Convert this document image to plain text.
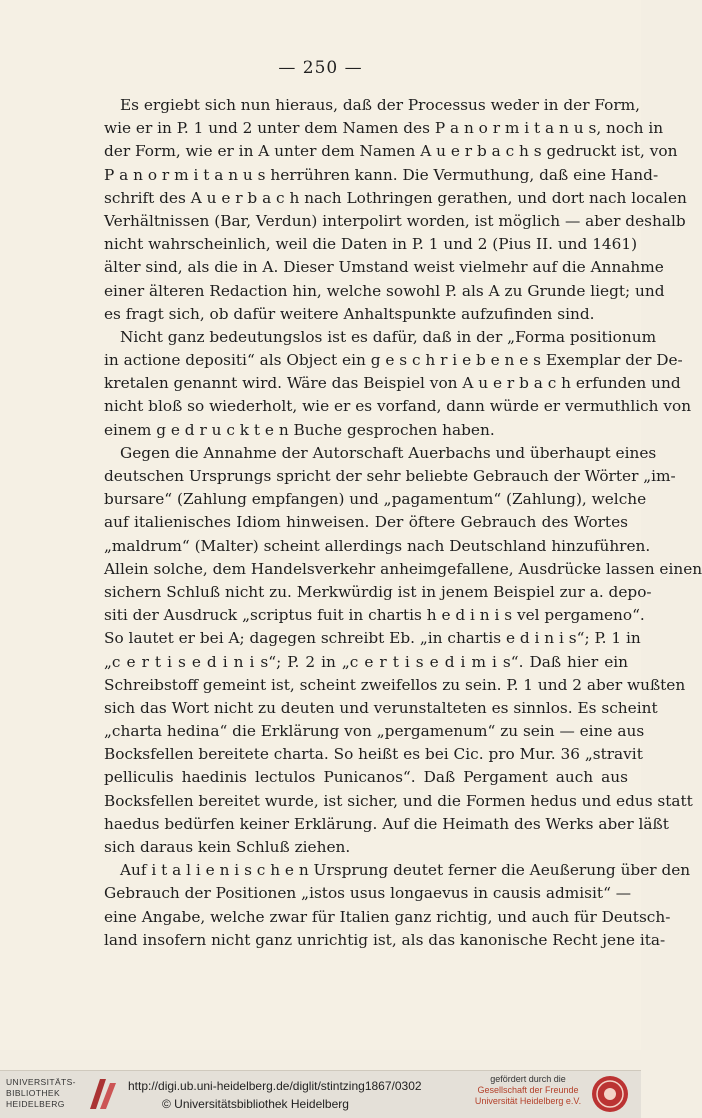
— 250 —
Es ergiebt sich nun hieraus, daß der Processus weder in der Form,
wie er in P. 1 und 2 unter dem Namen des P a n o r m i t a n u s, noch in
der Form, wie er in A unter dem Namen A u e r b a c h s gedruckt ist, von
P a n o r m i t a n u s herrühren kann. Die Vermuthung, daß eine Hand-
schrift des A u e r b a c h nach Lothringen gerathen, und dort nach localen
Verhältnissen (Bar, Verdun) interpolirt worden, ist möglich — aber deshalb
nicht wahrscheinlich, weil die Daten in P. 1 und 2 (Pius II. und 1461)
älter sind, als die in A. Dieser Umstand weist vielmehr auf die Annahme
einer älteren Redaction hin, welche sowohl P. als A zu Grunde liegt; und
es fragt sich, ob dafür weitere Anhaltspunkte aufzufinden sind.
Nicht ganz bedeutungslos ist es dafür, daß in der „Forma positionum
in actione depositi“ als Object ein g e s c h r i e b e n e s Exemplar der De-
kretalen genannt wird. Wäre das Beispiel von A u e r b a c h erfunden und
nicht bloß so wiederholt, wie er es vorfand, dann würde er vermuthlich von
einem g e d r u c k t e n Buche gesprochen haben.
Gegen die Annahme der Autorschaft Auerbachs und überhaupt eines
deutschen Ursprungs spricht der sehr beliebte Gebrauch der Wörter „im-
bursare“ (Zahlung empfangen) und „pagamentum“ (Zahlung), welche
auf italienisches Idiom hinweisen. Der öftere Gebrauch des Wortes
„maldrum“ (Malter) scheint allerdings nach Deutschland hinzuführen.
Allein solche, dem Handelsverkehr anheimgefallene, Ausdrücke lassen einen
sichern Schluß nicht zu. Merkwürdig ist in jenem Beispiel zur a. depo-
siti der Ausdruck „scriptus fuit in chartis h e d i n i s vel pergameno“.
So lautet er bei A; dagegen schreibt Eb. „in chartis e d i n i s“; P. 1 in
„c e r t i s e d i n i s“; P. 2 in „c e r t i s e d i m i s“. Daß hier ein
Schreibstoff gemeint ist, scheint zweifellos zu sein. P. 1 und 2 aber wußten
sich das Wort nicht zu deuten und verunstalteten es sinnlos. Es scheint
„charta hedina“ die Erklärung von „pergamenum“ zu sein — eine aus
Bocksfellen bereitete charta. So heißt es bei Cic. pro Mur. 36 „stravit
pelliculis haedinis lectulos Punicanos“. Daß Pergament auch aus
Bocksfellen bereitet wurde, ist sicher, und die Formen hedus und edus statt
haedus bedürfen keiner Erklärung. Auf die Heimath des Werks aber läßt
sich daraus kein Schluß ziehen.
Auf i t a l i e n i s c h e n Ursprung deutet ferner die Aeußerung über den
Gebrauch der Positionen „istos usus longaevus in causis admisit“ —
eine Angabe, welche zwar für Italien ganz richtig, und auch für Deutsch-
land insofern nicht ganz unrichtig ist, als das kanonische Recht jene ita-
UNIVERSITÄTS-
BIBLIOTHEK
HEIDELBERG
http://digi.ub.uni-heidelberg.de/diglit/stintzing1867/0302
© Universitätsbibliothek Heidelberg
gefördert durch die
Gesellschaft der Freunde
Universität Heidelberg e.V.
